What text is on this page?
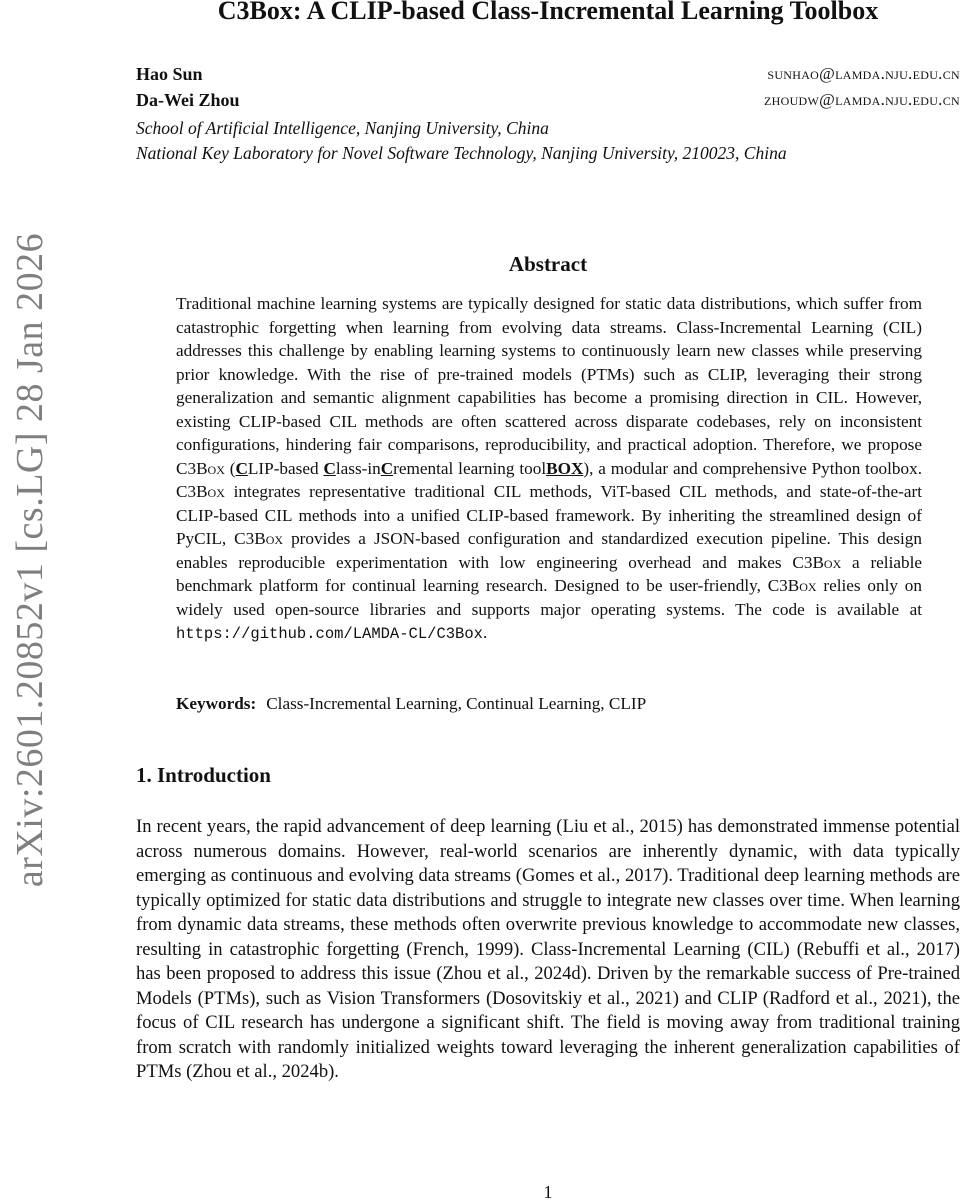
arXiv:2601.20852v1 [cs.LG] 28 Jan 2026
C3Box: A CLIP-based Class-Incremental Learning Toolbox
Hao Sun	sunhao@lamda.nju.edu.cn
Da-Wei Zhou	zhoudw@lamda.nju.edu.cn
School of Artificial Intelligence, Nanjing University, China
National Key Laboratory for Novel Software Technology, Nanjing University, 210023, China
Abstract

Traditional machine learning systems are typically designed for static data distributions, which suffer from catastrophic forgetting when learning from evolving data streams. Class-Incremental Learning (CIL) addresses this challenge by enabling learning systems to continuously learn new classes while preserving prior knowledge. With the rise of pre-trained models (PTMs) such as CLIP, leveraging their strong generalization and semantic alignment capabilities has become a promising direction in CIL. However, existing CLIP-based CIL methods are often scattered across disparate codebases, rely on inconsistent configurations, hindering fair comparisons, reproducibility, and practical adoption. Therefore, we propose C3Box (CLIP-based Class-inCremental learning toolBOX), a modular and comprehensive Python toolbox. C3Box integrates representative traditional CIL methods, ViT-based CIL methods, and state-of-the-art CLIP-based CIL methods into a unified CLIP-based framework. By inheriting the streamlined design of PyCIL, C3Box provides a JSON-based configuration and standardized execution pipeline. This design enables reproducible experimentation with low engineering overhead and makes C3Box a reliable benchmark platform for continual learning research. Designed to be user-friendly, C3Box relies only on widely used open-source libraries and supports major operating systems. The code is available at https://github.com/LAMDA-CL/C3Box.

Keywords: Class-Incremental Learning, Continual Learning, CLIP

1. Introduction

In recent years, the rapid advancement of deep learning (Liu et al., 2015) has demonstrated immense potential across numerous domains. However, real-world scenarios are inherently dynamic, with data typically emerging as continuous and evolving data streams (Gomes et al., 2017). Traditional deep learning methods are typically optimized for static data distributions and struggle to integrate new classes over time. When learning from dynamic data streams, these methods often overwrite previous knowledge to accommodate new classes, resulting in catastrophic forgetting (French, 1999). Class-Incremental Learning (CIL) (Rebuffi et al., 2017) has been proposed to address this issue (Zhou et al., 2024d). Driven by the remarkable success of Pre-trained Models (PTMs), such as Vision Transformers (Dosovitskiy et al., 2021) and CLIP (Radford et al., 2021), the focus of CIL research has undergone a significant shift. The field is moving away from traditional training from scratch with randomly initialized weights toward leveraging the inherent generalization capabilities of PTMs (Zhou et al., 2024b).

1
